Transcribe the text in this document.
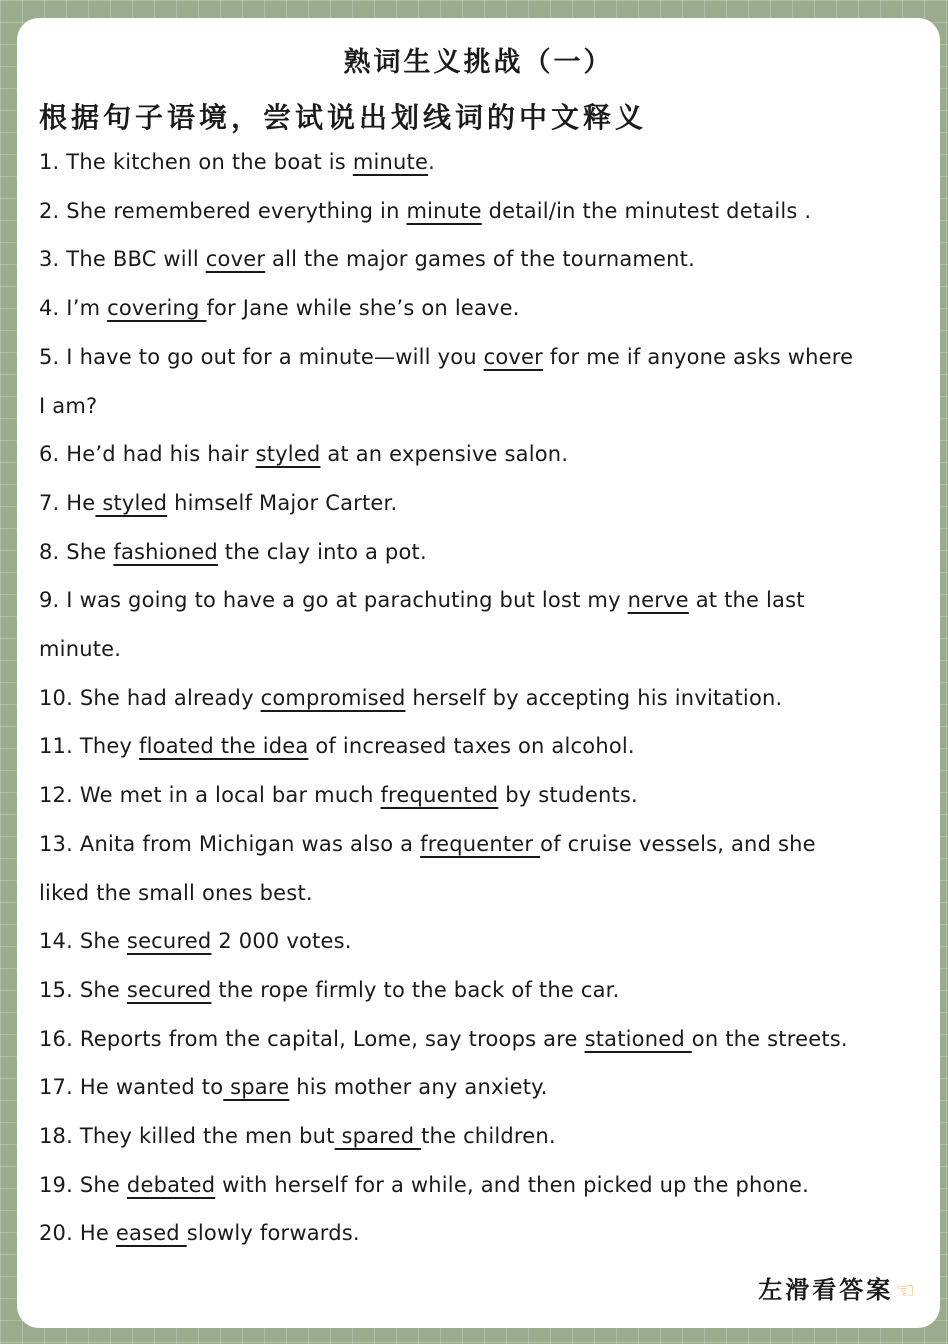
熟词生义挑战（一）
根据句子语境，尝试说出划线词的中文释义
1. The kitchen on the boat is minute.
2. She remembered everything in minute detail/in the minutest details .
3. The BBC will cover all the major games of the tournament.
4. I’m covering for Jane while she’s on leave.
5. I have to go out for a minute—will you cover for me if anyone asks where
I am?
6. He’d had his hair styled at an expensive salon.
7. He styled himself Major Carter.
8. She fashioned the clay into a pot.
9. I was going to have a go at parachuting but lost my nerve at the last
minute.
10. She had already compromised herself by accepting his invitation.
11. They floated the idea of increased taxes on alcohol.
12. We met in a local bar much frequented by students.
13. Anita from Michigan was also a frequenter of cruise vessels, and she
liked the small ones best.
14. She secured 2 000 votes.
15. She secured the rope firmly to the back of the car.
16. Reports from the capital, Lome, say troops are stationed on the streets.
17. He wanted to spare his mother any anxiety.
18. They killed the men but spared the children.
19. She debated with herself for a while, and then picked up the phone.
20. He eased slowly forwards.
左滑看答案☜
